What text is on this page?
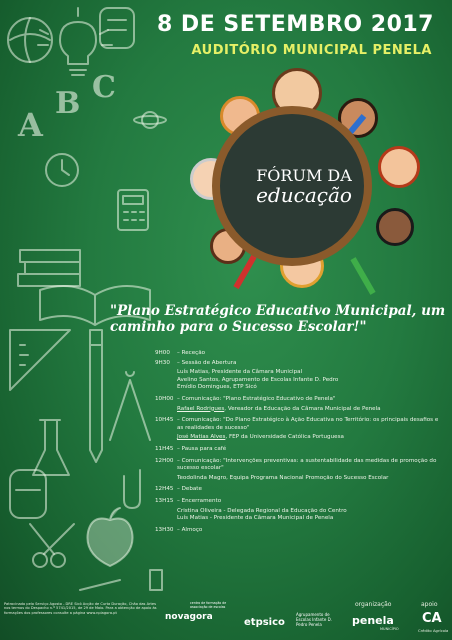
A
B C
8 DE SETEMBRO 2017
AUDITÓRIO MUNICIPAL PENELA
FÓRUM DA
educação
"Plano Estratégico Educativo Municipal, um caminho para o Sucesso Escolar!"
9H00	– Receção
9H30	– Sessão de Abertura
Luís Matias, Presidente da Câmara Municipal
Avelino Santos, Agrupamento de Escolas Infante D. Pedro
Emídio Domingues, ETP Sicó
10H00 – Comunicação: "Plano Estratégico Educativo de Penela"
Rafael Rodrigues, Vereador da Educação da Câmara Municipal de Penela
10H45 – Comunicação: "Do Plano Estratégico à Ação Educativa no Território: os principais desafios e as realidades de sucesso"
José Matias Alves, FEP da Universidade Católica Portuguesa
11H45 – Pausa para café
12H00 – Comunicação: "Intervenções preventivas: a sustentabilidade das medidas de promoção do sucesso escolar"
Teodolinda Magro, Equipa Programa Nacional Promoção do Sucesso Escolar
12H45 – Debate
13H15 – Encerramento
Cristina Oliveira - Delegada Regional da Educação do Centro
Luís Matias - Presidente da Câmara Municipal de Penela
13H30 – Almoço
Patrocinado pelo Serviço Agosto - DRE Sicó Acção de Curta Duração, Chão das Artes nos termos do Despacho n.º 5741/2015, de 29 de Maio. Para a obtenção de apoio às formações dos professores consulte a página www.npiagora.pt
organização	apoio
novagora
centro de formação de associação de escolas
etpsico
Agrupamento de Escolas Infante D. Pedro Penela	penela
MUNICÍPIO
CA
Crédito Agrícola
